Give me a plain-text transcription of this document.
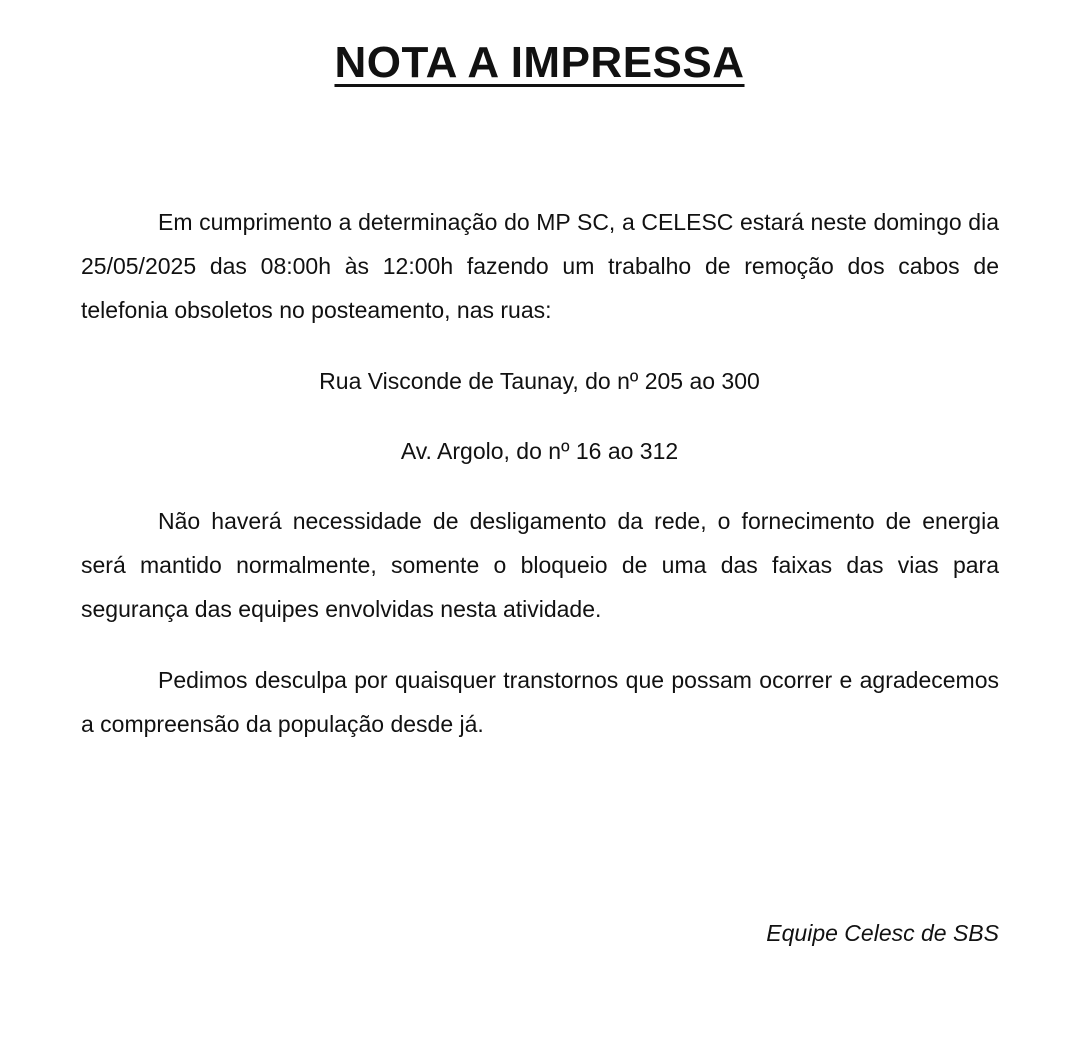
NOTA A IMPRESSA

Em cumprimento a determinação do MP SC, a CELESC estará neste domingo dia 25/05/2025 das 08:00h às 12:00h fazendo um trabalho de remoção dos cabos de telefonia obsoletos no posteamento, nas ruas:

Rua Visconde de Taunay, do nº 205 ao 300
Av. Argolo, do nº 16 ao 312

Não haverá necessidade de desligamento da rede, o fornecimento de energia será mantido normalmente, somente o bloqueio de uma das faixas das vias para segurança das equipes envolvidas nesta atividade.

Pedimos desculpa por quaisquer transtornos que possam ocorrer e agradecemos a compreensão da população desde já.

Equipe Celesc de SBS
